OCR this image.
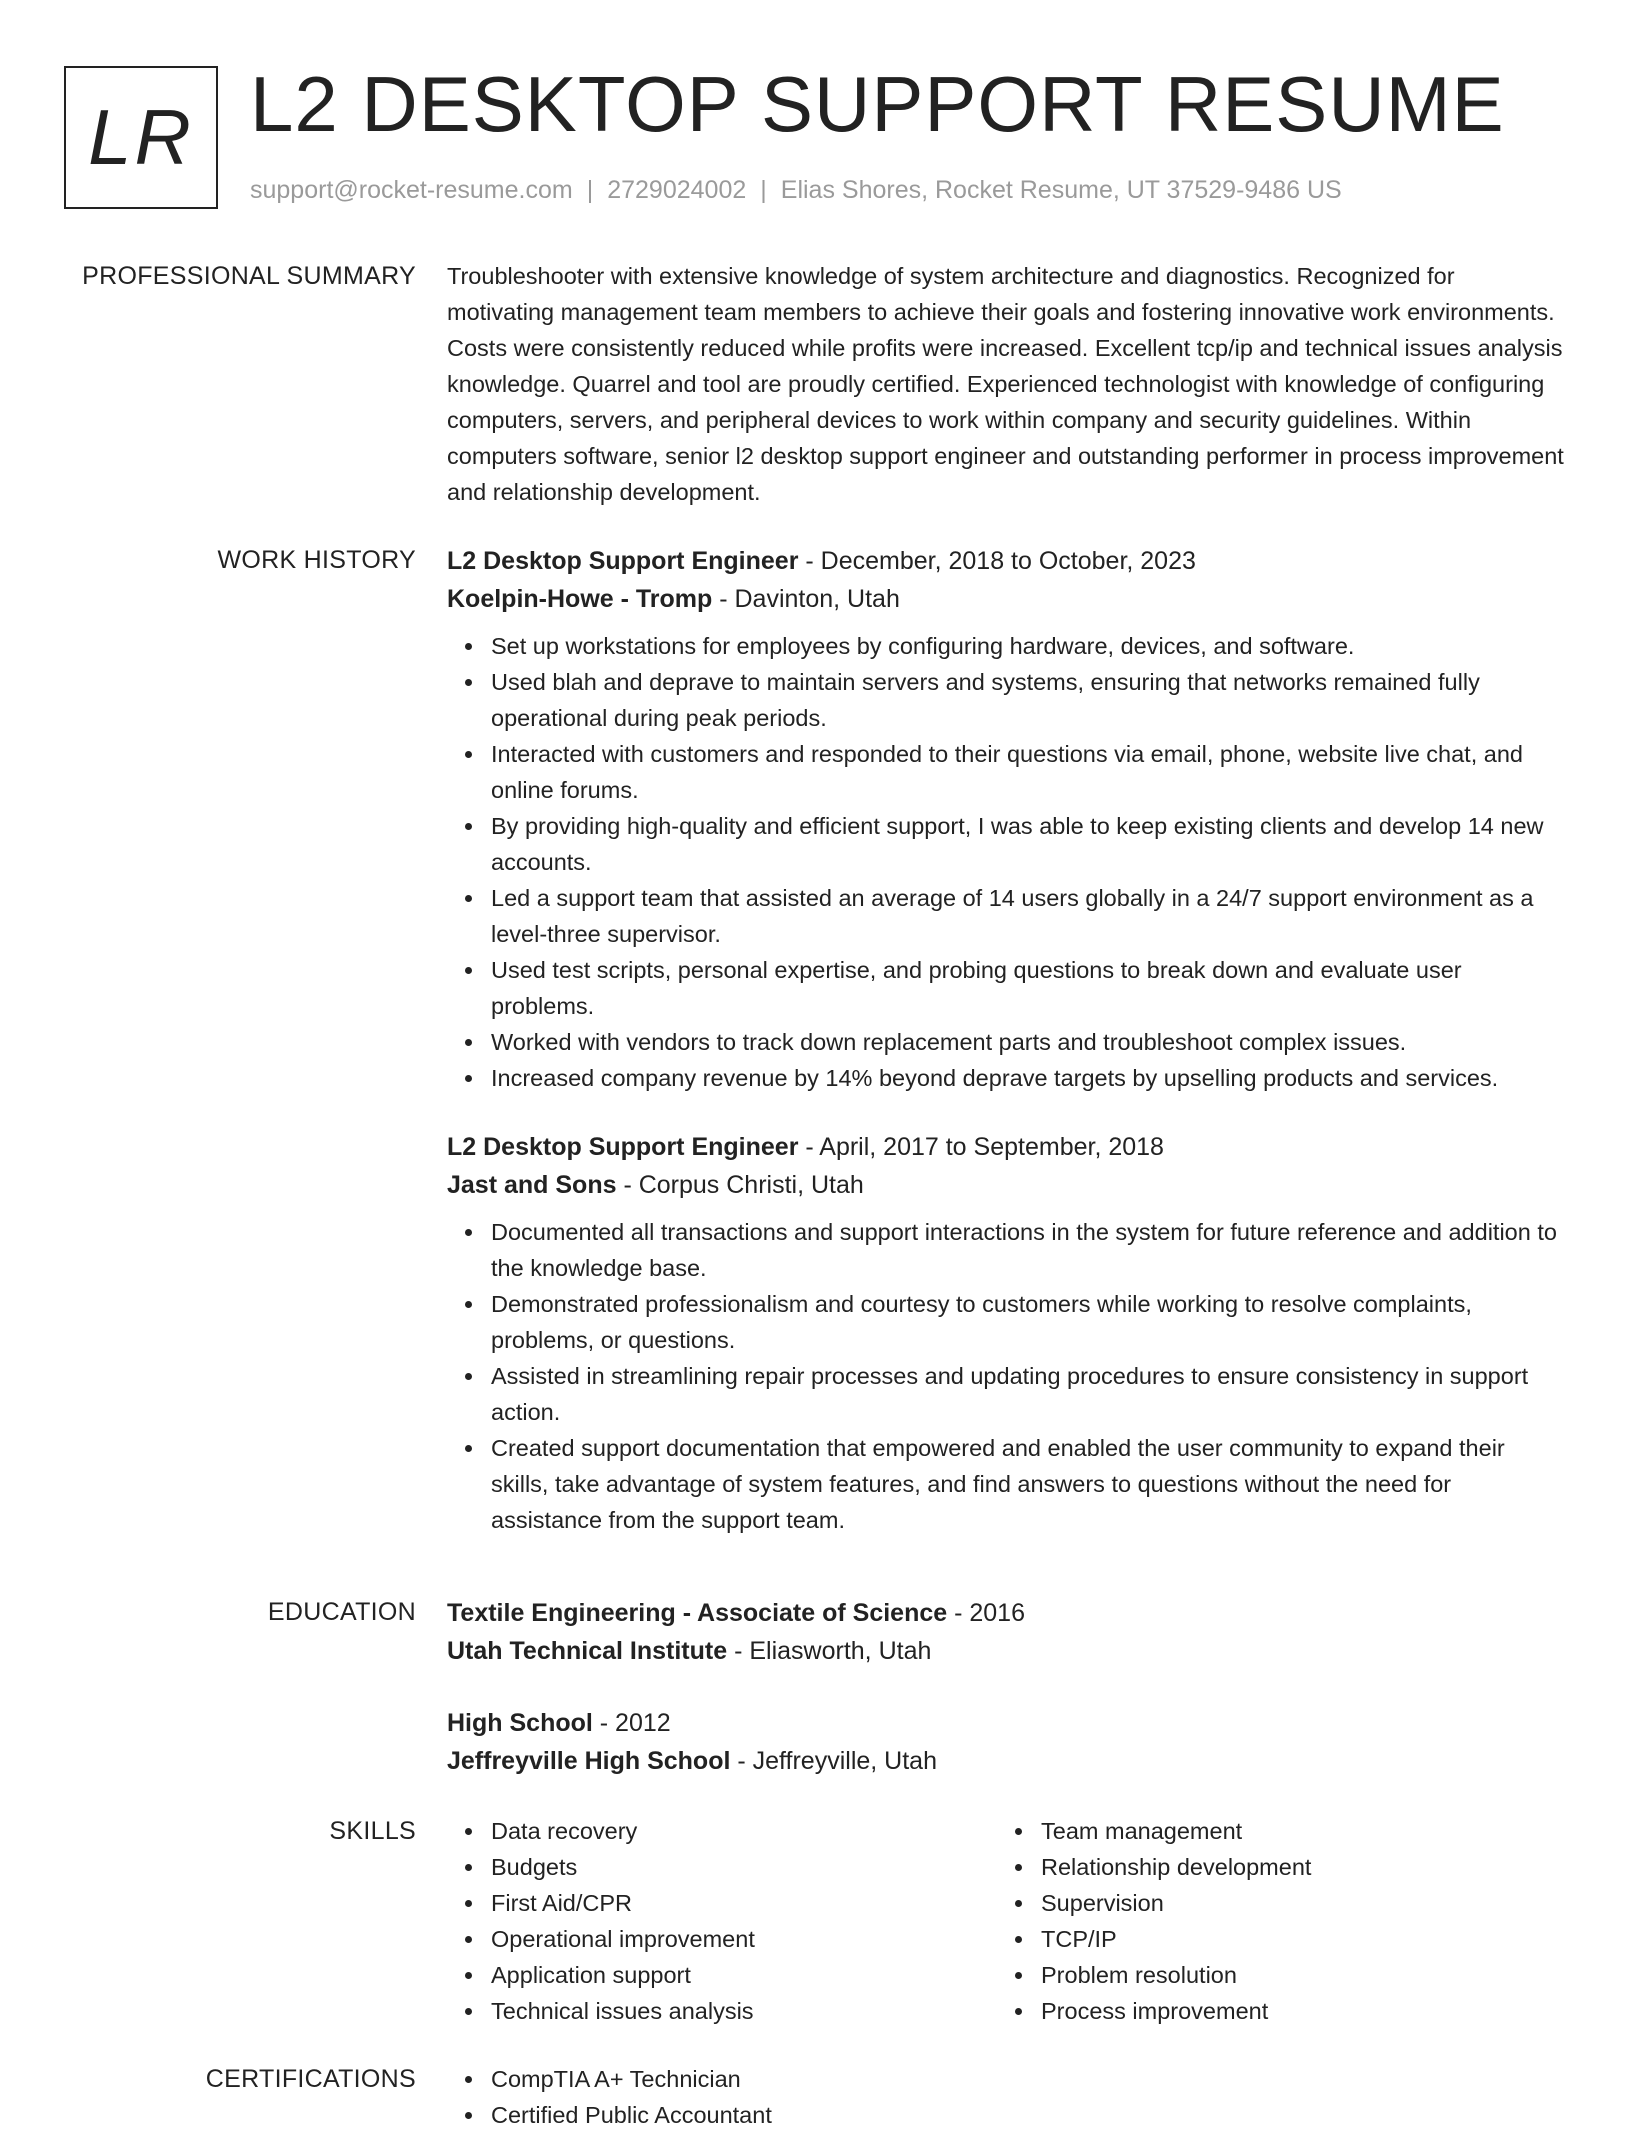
LR L2 DESKTOP SUPPORT RESUME
support@rocket-resume.com | 2729024002 | Elias Shores, Rocket Resume, UT 37529-9486 US
PROFESSIONAL SUMMARY Troubleshooter with extensive knowledge of system architecture and diagnostics. Recognized for motivating management team members to achieve their goals and fostering innovative work environments. Costs were consistently reduced while profits were increased. Excellent tcp/ip and technical issues analysis knowledge. Quarrel and tool are proudly certified. Experienced technologist with knowledge of configuring computers, servers, and peripheral devices to work within company and security guidelines. Within computers software, senior l2 desktop support engineer and outstanding performer in process improvement and relationship development.
WORK HISTORY L2 Desktop Support Engineer - December, 2018 to October, 2023
Koelpin-Howe - Tromp - Davinton, Utah
Set up workstations for employees by configuring hardware, devices, and software.
Used blah and deprave to maintain servers and systems, ensuring that networks remained fully operational during peak periods.
Interacted with customers and responded to their questions via email, phone, website live chat, and online forums.
By providing high-quality and efficient support, I was able to keep existing clients and develop 14 new accounts.
Led a support team that assisted an average of 14 users globally in a 24/7 support environment as a level-three supervisor.
Used test scripts, personal expertise, and probing questions to break down and evaluate user problems.
Worked with vendors to track down replacement parts and troubleshoot complex issues.
Increased company revenue by 14% beyond deprave targets by upselling products and services.
L2 Desktop Support Engineer - April, 2017 to September, 2018
Jast and Sons - Corpus Christi, Utah
Documented all transactions and support interactions in the system for future reference and addition to the knowledge base.
Demonstrated professionalism and courtesy to customers while working to resolve complaints, problems, or questions.
Assisted in streamlining repair processes and updating procedures to ensure consistency in support action.
Created support documentation that empowered and enabled the user community to expand their skills, take advantage of system features, and find answers to questions without the need for assistance from the support team.
EDUCATION Textile Engineering - Associate of Science - 2016
Utah Technical Institute - Eliasworth, Utah
High School - 2012
Jeffreyville High School - Jeffreyville, Utah
SKILLS	Data recovery
Budgets
First Aid/CPR
Operational improvement
Application support
Technical issues analysis
Team management
Relationship development
Supervision
TCP/IP
Problem resolution
Process improvement
CERTIFICATIONS	CompTIA A+ Technician
Certified Public Accountant
